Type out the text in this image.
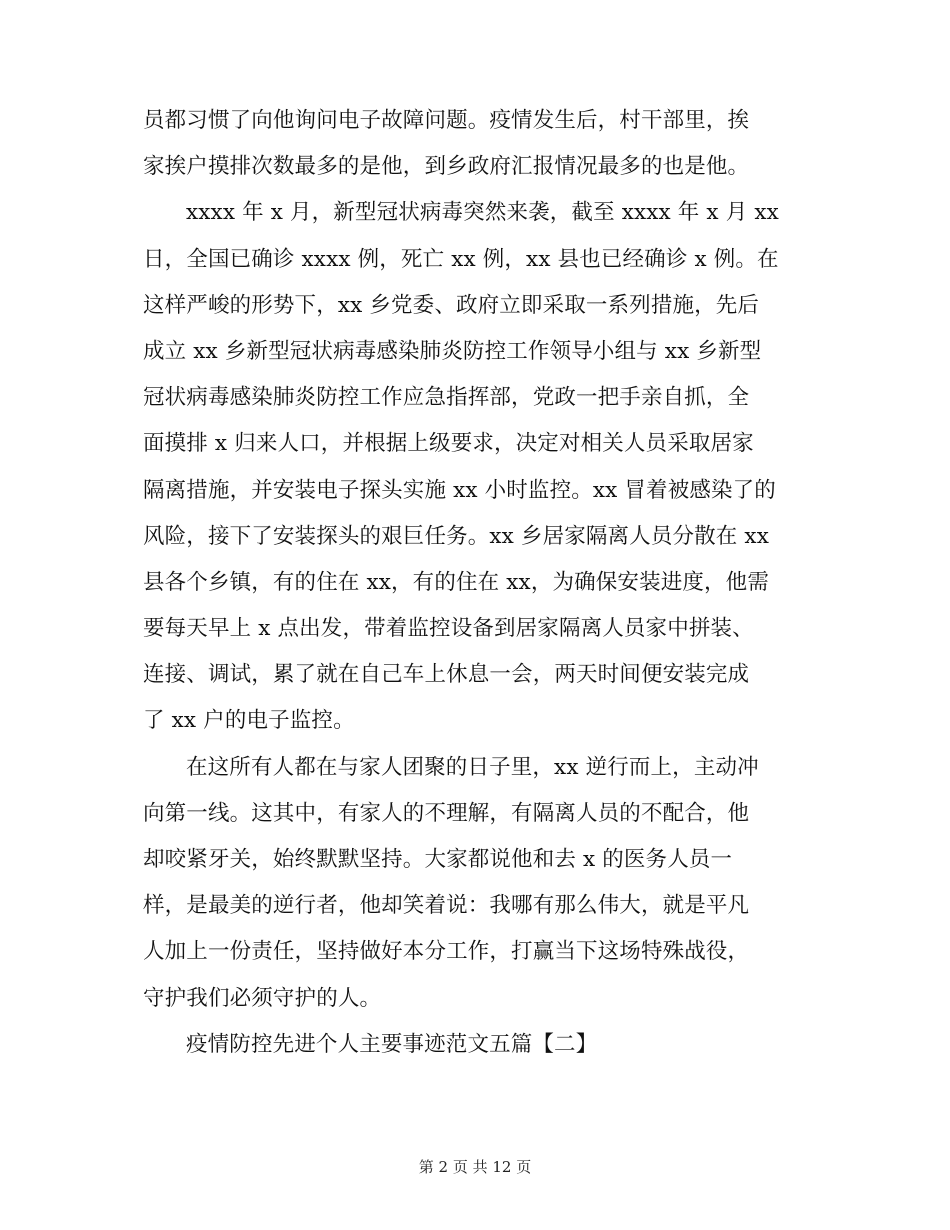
员都习惯了向他询问电子故障问题。疫情发生后，村干部里，挨
家挨户摸排次数最多的是他，到乡政府汇报情况最多的也是他。
xxxx 年 x 月，新型冠状病毒突然来袭，截至 xxxx 年 x 月 xx
日，全国已确诊 xxxx 例，死亡 xx 例，xx 县也已经确诊 x 例。在
这样严峻的形势下，xx 乡党委、政府立即采取一系列措施，先后
成立 xx 乡新型冠状病毒感染肺炎防控工作领导小组与 xx 乡新型
冠状病毒感染肺炎防控工作应急指挥部，党政一把手亲自抓，全
面摸排 x 归来人口，并根据上级要求，决定对相关人员采取居家
隔离措施，并安装电子探头实施 xx 小时监控。xx 冒着被感染了的
风险，接下了安装探头的艰巨任务。xx 乡居家隔离人员分散在 xx
县各个乡镇，有的住在 xx，有的住在 xx，为确保安装进度，他需
要每天早上 x 点出发，带着监控设备到居家隔离人员家中拼装、
连接、调试，累了就在自己车上休息一会，两天时间便安装完成
了 xx 户的电子监控。
在这所有人都在与家人团聚的日子里，xx 逆行而上，主动冲
向第一线。这其中，有家人的不理解，有隔离人员的不配合，他
却咬紧牙关，始终默默坚持。大家都说他和去 x 的医务人员一
样，是最美的逆行者，他却笑着说：我哪有那么伟大，就是平凡
人加上一份责任，坚持做好本分工作，打赢当下这场特殊战役，
守护我们必须守护的人。
疫情防控先进个人主要事迹范文五篇【二】
第 2 页 共 12 页
